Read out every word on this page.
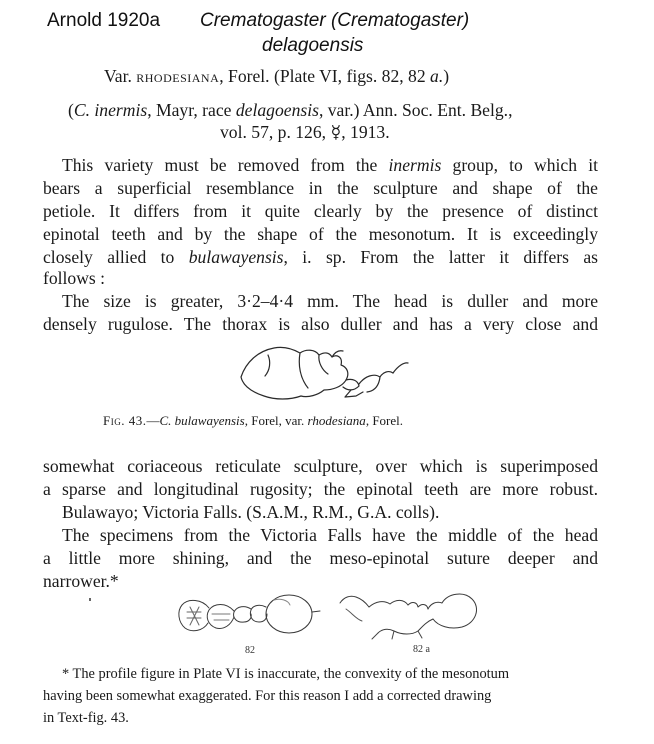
Arnold 1920a Crematogaster (Crematogaster)
delagoensis
Var. rhodesiana, Forel. (Plate VI, figs. 82, 82 a.)
(C. inermis, Mayr, race delagoensis, var.) Ann. Soc. Ent. Belg.,
vol. 57, p. 126, ☿, 1913.
This variety must be removed from the inermis group, to which it
bears a superficial resemblance in the sculpture and shape of the
petiole. It differs from it quite clearly by the presence of distinct
epinotal teeth and by the shape of the mesonotum. It is exceedingly
closely allied to bulawayensis, i. sp. From the latter it differs as
follows :
The size is greater, 3·2–4·4 mm. The head is duller and more
densely rugulose. The thorax is also duller and has a very close and
Fig. 43.—C. bulawayensis, Forel, var. rhodesiana, Forel.
somewhat coriaceous reticulate sculpture, over which is superimposed
a sparse and longitudinal rugosity; the epinotal teeth are more robust.
Bulawayo; Victoria Falls. (S.A.M., R.M., G.A. colls).
The specimens from the Victoria Falls have the middle of the head
a little more shining, and the meso-epinotal suture deeper and
narrower.*
82	82 a
* The profile figure in Plate VI is inaccurate, the convexity of the mesonotum
having been somewhat exaggerated. For this reason I add a corrected drawing
in Text-fig. 43.
